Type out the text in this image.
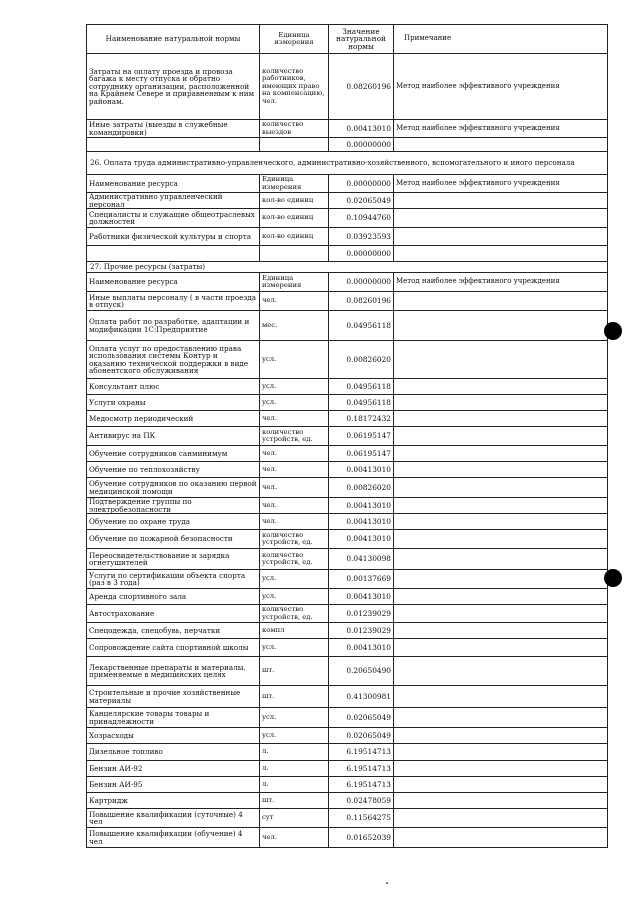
Наименование натуральной нормы	Единица измерения	Значение натуральной нормы	Примечание
Затраты на оплату проезда и провоза багажа к месту отпуска и обратно сотруднику организации, расположенной на Крайнем Севере и приравненным к ним районам.	количество работников, имеющих право на компенсацию, чел.	0.08260196	Метод наиболее эффективного учреждения
Иные затраты (выезды в служебные командировки)	количество выездов	0.00413010	Метод наиболее эффективного учреждения
		0.00000000	
26. Оплата труда административно-управленческого, административно-хозяйственного, вспомогательного и иного персонала			
Наименование ресурса	Единица измерения	0.00000000	Метод наиболее эффективного учреждения
Административно управленческий персонал	кол-во единиц	0.02065049	
Специалисты и служащие общеотраслевых должностей	кол-во единиц	0.10944760	
Работники физической культуры и спорта	кол-во единиц	0.03923593	
		0.00000000	
27. Прочие ресурсы (затраты)			
Наименование ресурса	Единица измерения	0.00000000	Метод наиболее эффективного учреждения
Иные выплаты персоналу ( в части проезда в отпуск)	чел.	0.08260196	
Оплата работ по разработке, адаптации и модификации 1С:Предприятие	мес.	0.04956118	
Оплата услуг по предоставлению права использования системы Контур и оказанию технической поддержки в виде абонентского обслуживания	усл.	0.00826020	
Консультант плюс	усл.	0.04956118	
Услуги охраны	усл.	0.04956118	
Медосмотр периодический	чел.	0.18172432	
Антивирус на ПК	количество устройств, ед.	0.06195147	
Обучение сотрудников санминимум	чел.	0.06195147	
Обучение по теплохозяйству	чел.	0.00413010	
Обучение сотрудников по оказанию первой медицинской помощи	чел.	0.00826020	
Подтверждение группы по электробезопасности	чел.	0.00413010	
Обучение по охране труда	чел.	0.00413010	
Обучение по пожарной безопасности	количество устройств, ед.	0.00413010	
Переосвидетельствование и зарядка огнетушителей	количество устройств, ед.	0.04130098	
Услуги по сертификации объекта спорта (раз в 3 года)	усл.	0.00137669	
Аренда спортивного зала	усл.	0.00413010	
Автострахование	количество устройств, ед.	0.01239029	
Спецодежда, спецобувь, перчатки	компл	0.01239029	
Сопровождение сайта спортивной школы	усл.	0.00413010	
Лекарственные препараты и материалы, применяемые в медицинских целях	шт.	0.20650490	
Строительные и прочие хозяйственные материалы	шт.	0.41300981	
Канцелярские товары товары и принадлежности	усл.	0.02065049	
Хозрасходы	усл.	0.02065049	
Дизельное топливо	л.	6.19514713	
Бензин АИ-92	л.	6.19514713	
Бензин АИ-95	л.	6.19514713	
Картридж	шт.	0.02478059	
Повышение квалификации (суточные) 4 чел	сут	0.11564275	
Повышение квалификации (обучение) 4 чел	чел.	0.01652039	
